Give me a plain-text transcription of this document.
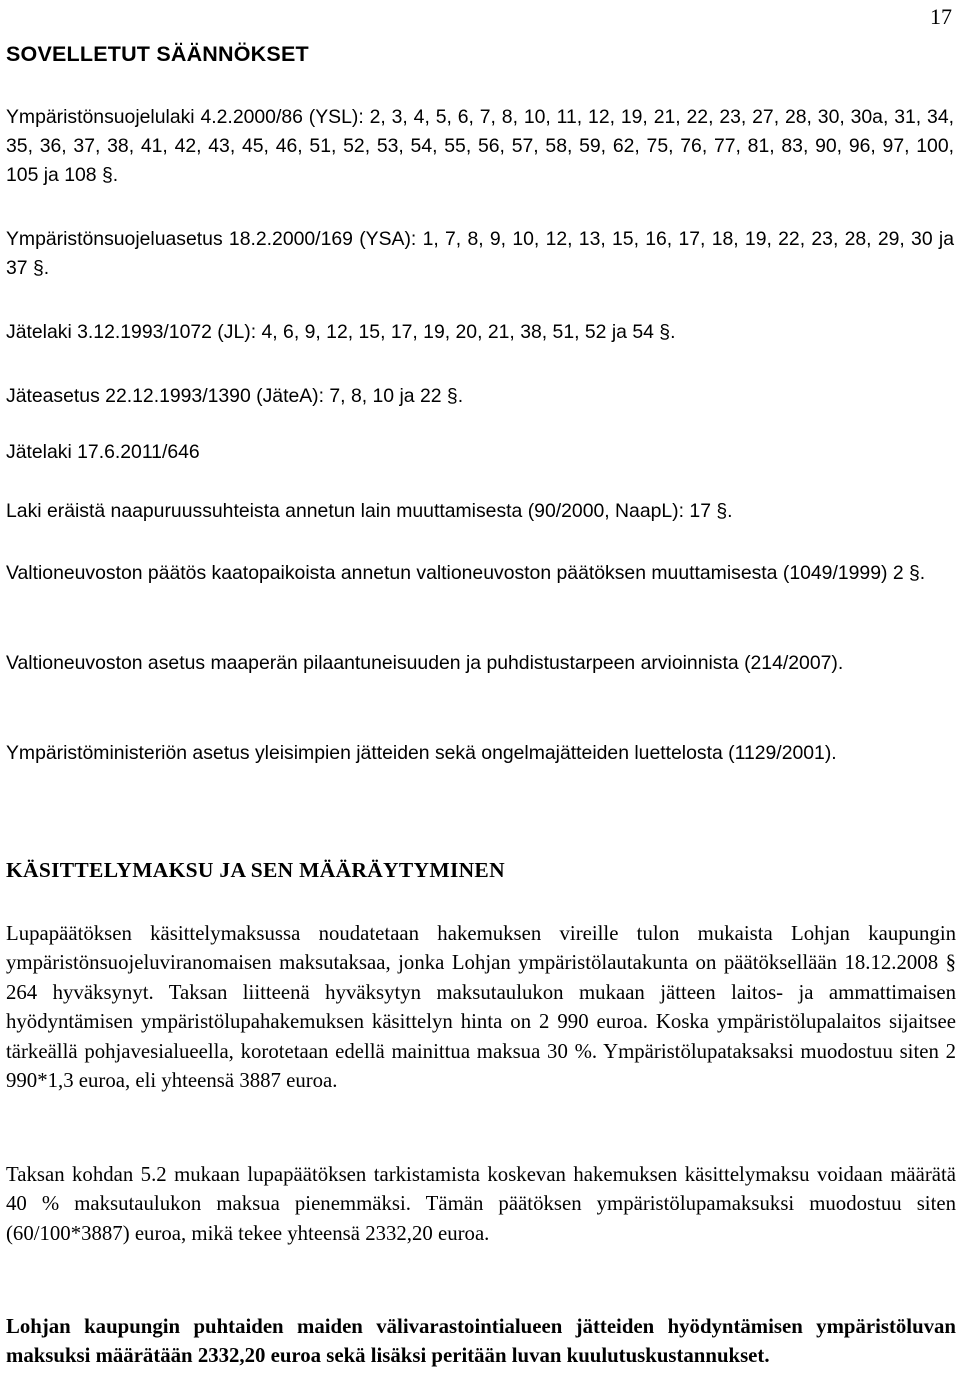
17
SOVELLETUT SÄÄNNÖKSET

Ympäristönsuojelulaki 4.2.2000/86 (YSL): 2, 3, 4, 5, 6, 7, 8, 10, 11, 12, 19, 21, 22, 23, 27, 28, 30, 30a, 31, 34, 35, 36, 37, 38, 41, 42, 43, 45, 46, 51, 52, 53, 54, 55, 56, 57, 58, 59, 62, 75, 76, 77, 81, 83, 90, 96, 97, 100, 105 ja 108 §.

Ympäristönsuojeluasetus 18.2.2000/169 (YSA): 1, 7, 8, 9, 10, 12, 13, 15, 16, 17, 18, 19, 22, 23, 28, 29, 30 ja 37 §.

Jätelaki 3.12.1993/1072 (JL): 4, 6, 9, 12, 15, 17, 19, 20, 21, 38, 51, 52 ja 54 §.

Jäteasetus 22.12.1993/1390 (JäteA): 7, 8, 10 ja 22 §.

Jätelaki 17.6.2011/646

Laki eräistä naapuruussuhteista annetun lain muuttamisesta (90/2000, NaapL): 17 §.

Valtioneuvoston päätös kaatopaikoista annetun valtioneuvoston päätöksen muuttamisesta (1049/1999) 2 §.

Valtioneuvoston asetus maaperän pilaantuneisuuden ja puhdistustarpeen arvioinnista (214/2007).

Ympäristöministeriön asetus yleisimpien jätteiden sekä ongelmajätteiden luettelosta (1129/2001).

KÄSITTELYMAKSU JA SEN MÄÄRÄYTYMINEN

Lupapäätöksen käsittelymaksussa noudatetaan hakemuksen vireille tulon mukaista Lohjan kaupungin ympäristönsuojeluviranomaisen maksutaksaa, jonka Lohjan ympäristölautakunta on päätöksellään 18.12.2008 § 264 hyväksynyt. Taksan liitteenä hyväksytyn maksutaulukon mukaan jätteen laitos- ja ammattimaisen hyödyntämisen ympäristölupahakemuksen käsittelyn hinta on 2 990 euroa. Koska ympäristölupalaitos sijaitsee tärkeällä pohjavesialueella, korotetaan edellä mainittua maksua 30 %. Ympäristölupataksaksi muodostuu siten 2 990*1,3 euroa, eli yhteensä 3887 euroa.

Taksan kohdan 5.2 mukaan lupapäätöksen tarkistamista koskevan hakemuksen käsittelymaksu voidaan määrätä 40 % maksutaulukon maksua pienemmäksi. Tämän päätöksen ympäristölupamaksuksi muodostuu siten (60/100*3887) euroa, mikä tekee yhteensä 2332,20 euroa.

Lohjan kaupungin puhtaiden maiden välivarastointialueen jätteiden hyödyntämisen ympäristöluvan maksuksi määrätään 2332,20 euroa sekä lisäksi peritään luvan kuulutuskustannukset.
